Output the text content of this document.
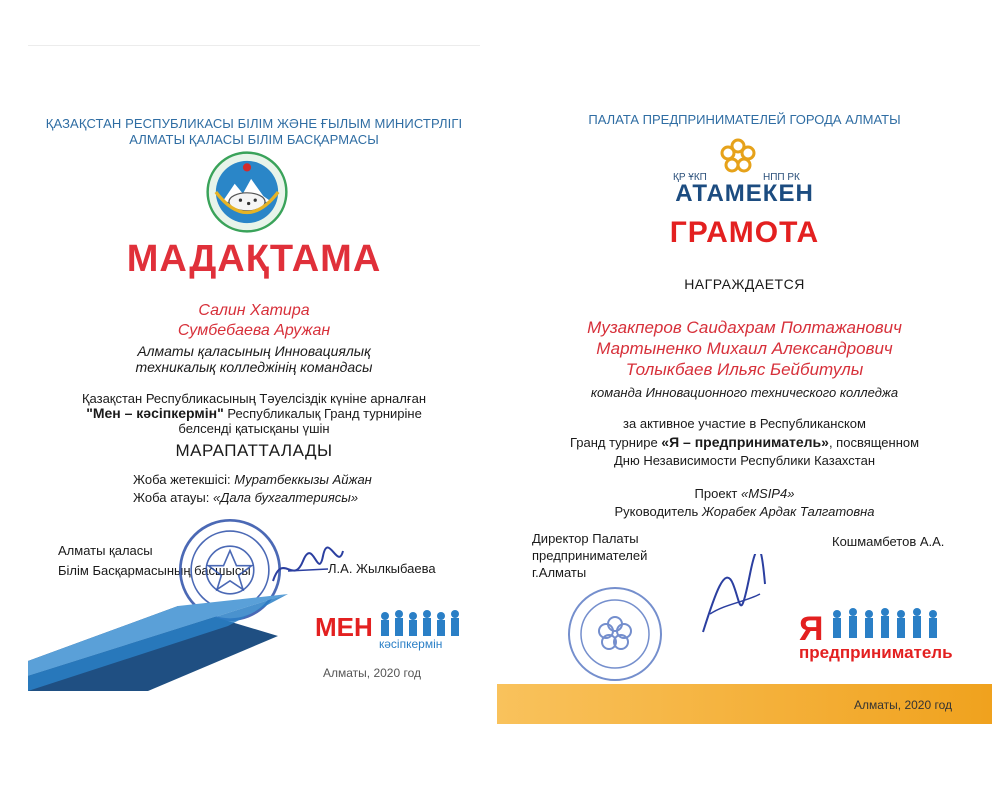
ҚАЗАҚСТАН РЕСПУБЛИКАСЫ БІЛІМ ЖӘНЕ ҒЫЛЫМ МИНИСТРЛІГІ
АЛМАТЫ ҚАЛАСЫ БІЛІМ БАСҚАРМАСЫ
МАДАҚТАМА
Салин Хатира
Сумбебаева Аружан
Алматы қаласының Инновациялық
техникалық колледжінің командасы
Қазақстан Республикасының Тәуелсіздік күніне арналған
"Мен – кәсіпкермін" Республикалық Гранд турниріне
белсенді қатысқаны үшін
МАРАПАТТАЛАДЫ
Жоба жетекшісі: Муратбеккызы Айжан
Жоба атауы: «Дала бухгалтериясы»
Алматы қаласы
Білім Басқармасының басшысы	Л.А. Жылкыбаева
МЕН
кәсіпкермін
Алматы, 2020 год
ПАЛАТА ПРЕДПРИНИМАТЕЛЕЙ ГОРОДА АЛМАТЫ
ҚР ҰКП	НПП РК
АТАМЕКЕН
ГРАМОТА
НАГРАЖДАЕТСЯ
Музакперов Саидахрам Полтажанович
Мартыненко Михаил Александрович
Толыкбаев Ильяс Бейбитулы
команда Инновационного технического колледжа
за активное участие в Республиканском
Гранд турнире «Я – предприниматель», посвященном
Дню Независимости Республики Казахстан
Проект «MSIP4»
Руководитель Жорабек Ардак Талгатовна
Директор Палаты
предпринимателей
г.Алматы
Кошмамбетов А.А.
Я
предприниматель
Алматы, 2020 год
